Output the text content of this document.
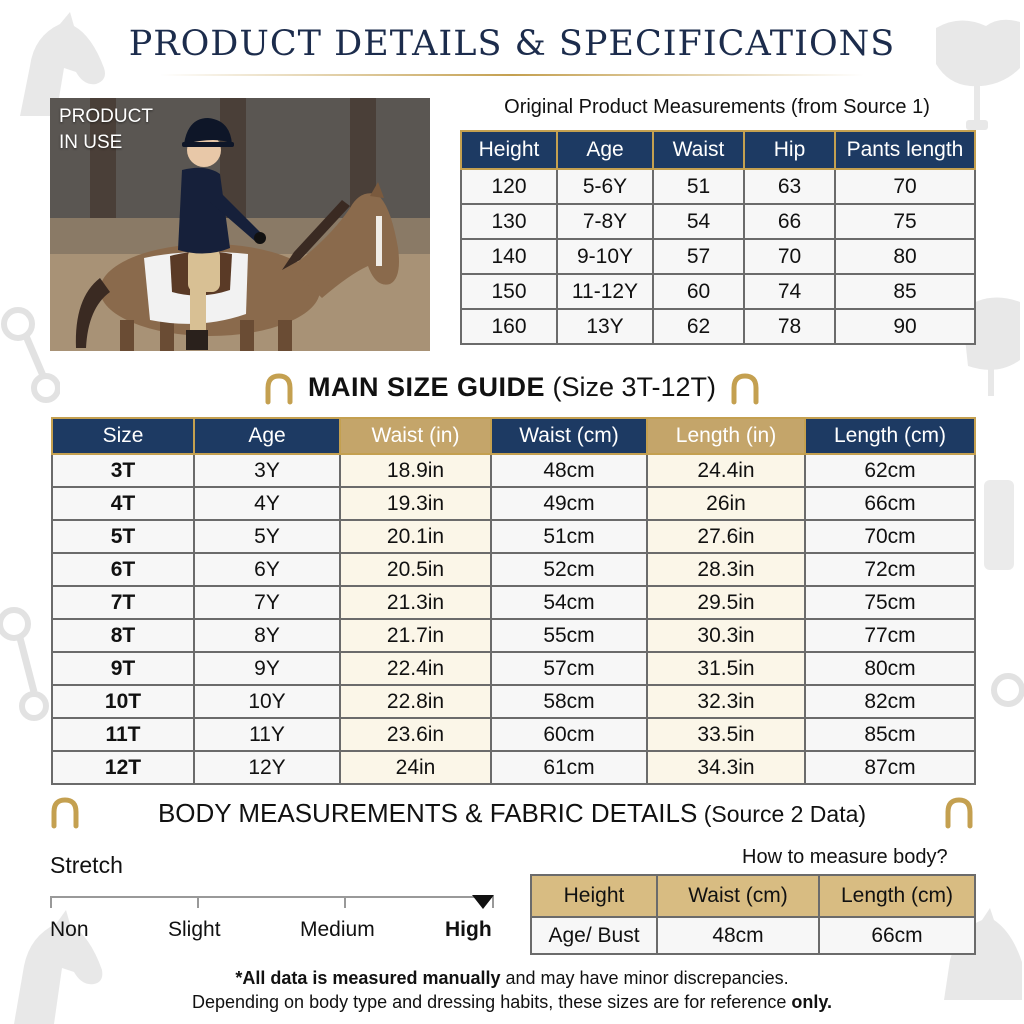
PRODUCT DETAILS & SPECIFICATIONS
PRODUCT
IN USE
Original Product Measurements (from Source 1)
Height	Age	Waist	Hip	Pants length
120	5-6Y	51	63	70
130	7-8Y	54	66	75
140	9-10Y	57	70	80
150	11-12Y	60	74	85
160	13Y	62	78	90
MAIN SIZE GUIDE (Size 3T-12T)
Size	Age	Waist (in)	Waist (cm)	Length (in)	Length (cm)
3T	3Y	18.9in	48cm	24.4in	62cm
4T	4Y	19.3in	49cm	26in	66cm
5T	5Y	20.1in	51cm	27.6in	70cm
6T	6Y	20.5in	52cm	28.3in	72cm
7T	7Y	21.3in	54cm	29.5in	75cm
8T	8Y	21.7in	55cm	30.3in	77cm
9T	9Y	22.4in	57cm	31.5in	80cm
10T	10Y	22.8in	58cm	32.3in	82cm
11T	11Y	23.6in	60cm	33.5in	85cm
12T	12Y	24in	61cm	34.3in	87cm
BODY MEASUREMENTS & FABRIC DETAILS (Source 2 Data)
Stretch
Non	Slight	Medium	High
How to measure body?
Height	Waist (cm)	Length (cm)
Age/ Bust	48cm	66cm
*All data is measured manually and may have minor discrepancies.
Depending on body type and dressing habits, these sizes are for reference only.
